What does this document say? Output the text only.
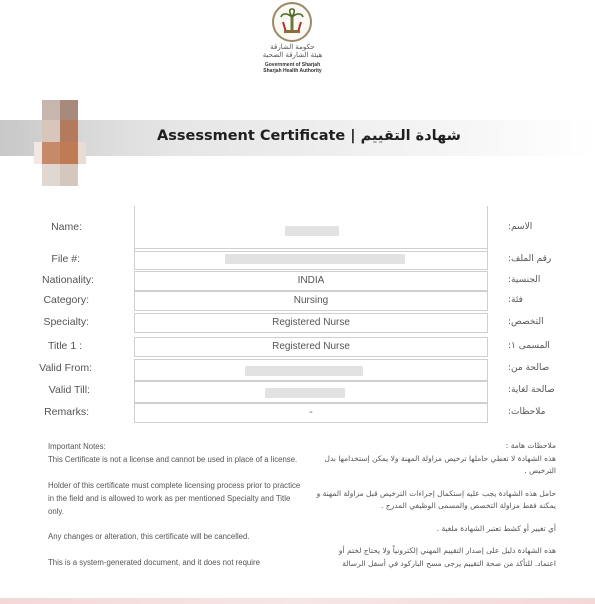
حكومة الشارقة
هيئة الشارقة الصحية
Government of Sharjah
Sharjah Health Authority
Assessment Certificate | شهادة التقييم
Name:	الاسم:
File #:	رقم الملف:
Nationality:	INDIA	الجنسية:
Category:	Nursing	فئة:
Specialty:	Registered Nurse	التخصص:
Title 1 :	Registered Nurse	المسمى ١:
Valid From:	صالحة من:
Valid Till:	صالحة لغاية:
Remarks:	-	ملاحظات:
Important Notes:

This Certificate is not a license and cannot be used in place of a license.

Holder of this certificate must complete licensing process prior to practice in the field and is allowed to work as per mentioned Specialty and Title only.

Any changes or alteration, this certificate will be cancelled.

This is a system-generated document, and it does not require

ملاحظات هامة :

هذه الشهادة لا تعطي حاملها ترخيص مزاولة المهنة ولا يمكن إستخدامها بدل الترخيص .

حامل هذه الشهادة يجب عليه إستكمال إجراءات الترخيص قبل مزاولة المهنة و يمكنه فقط مزاولة التخصص والمسمى الوظيفي المدرج .

أي تغيير أو كشط تعتبر الشهادة ملغية .

هذه الشهادة دليل على إصدار التقييم المهني إلكترونياً ولا يحتاج لختم أو اعتماد. للتأكد من صحة التقييم يرجى مسح الباركود في أسفل الرسالة
